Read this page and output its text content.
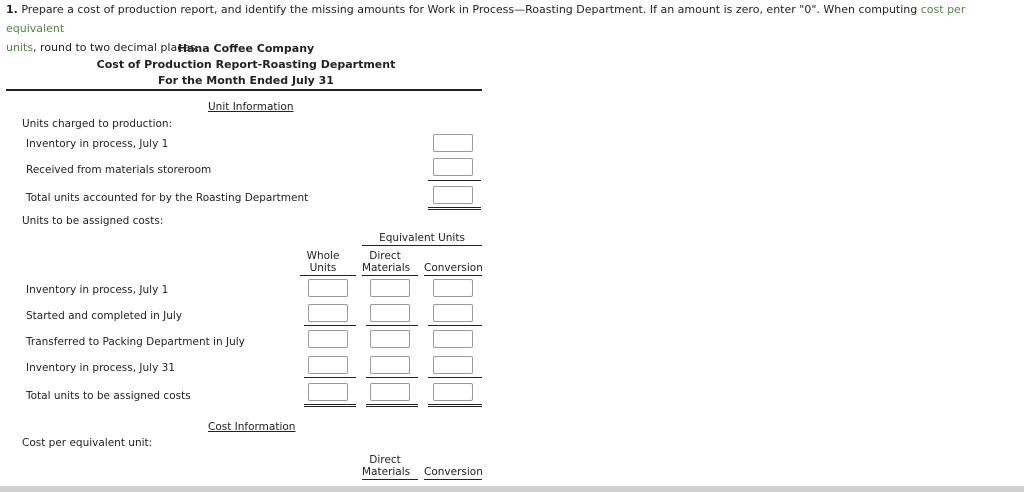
1. Prepare a cost of production report, and identify the missing amounts for Work in Process—Roasting Department. If an amount is zero, enter "0". When computing cost per equivalent
units, round to two decimal places.
Hana Coffee Company
Cost of Production Report-Roasting Department
For the Month Ended July 31
Unit Information
Units charged to production:
Inventory in process, July 1
Received from materials storeroom
Total units accounted for by the Roasting Department
Units to be assigned costs:
Equivalent Units
Whole
Units
Direct
Materials Conversion
Inventory in process, July 1
Started and completed in July
Transferred to Packing Department in July
Inventory in process, July 31
Total units to be assigned costs
Cost Information
Cost per equivalent unit:
Direct
Materials Conversion
